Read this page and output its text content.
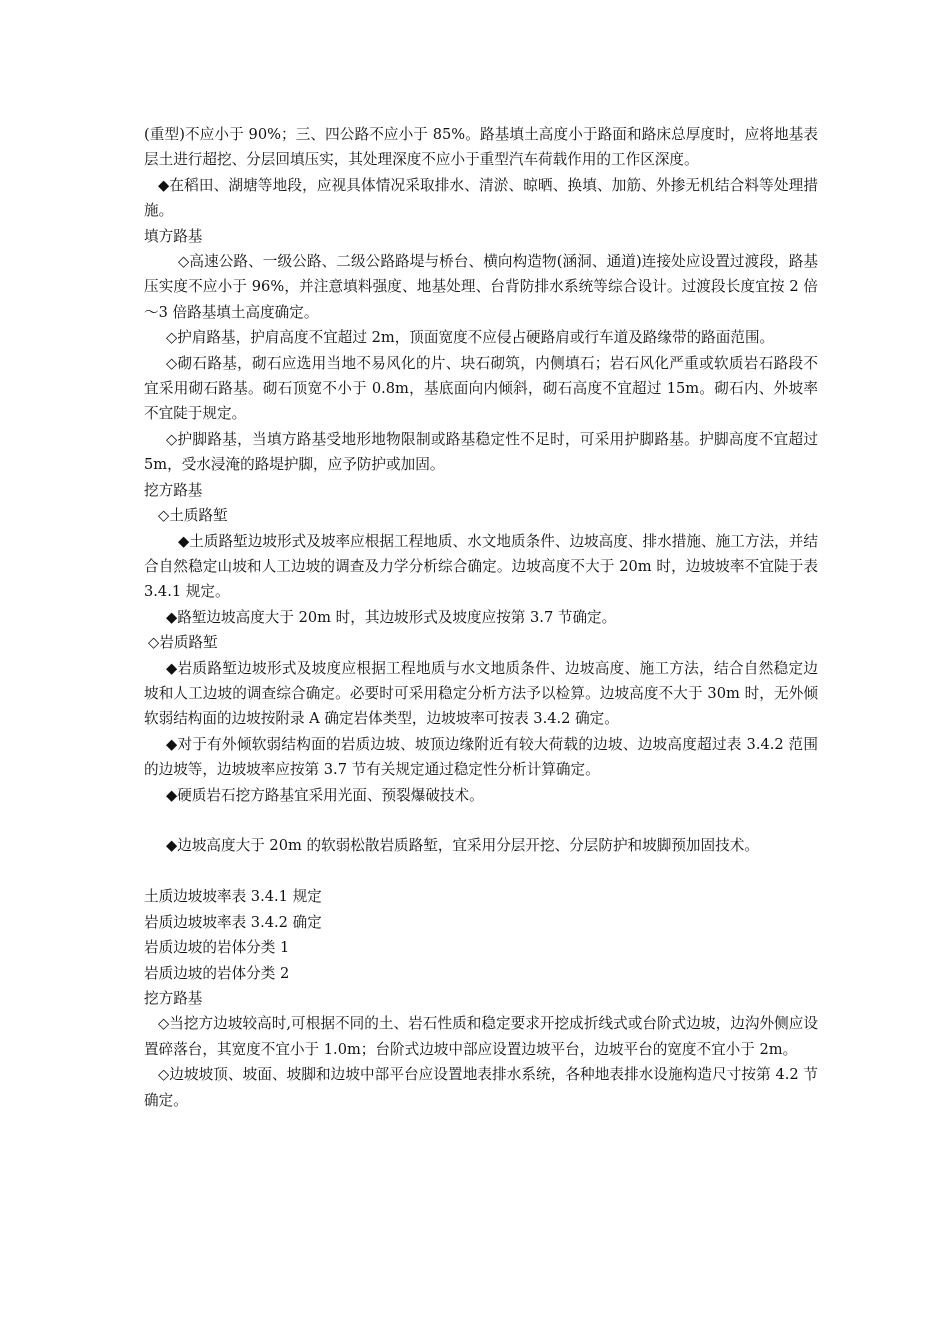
(重型)不应小于 90%；三、四公路不应小于 85%。路基填土高度小于路面和路床总厚度时，应将地基表层土进行超挖、分层回填压实，其处理深度不应小于重型汽车荷载作用的工作区深度。

◆在稻田、湖塘等地段，应视具体情况采取排水、清淤、晾晒、换填、加筋、外掺无机结合料等处理措施。

填方路基

◇高速公路、一级公路、二级公路路堤与桥台、横向构造物(涵洞、通道)连接处应设置过渡段，路基压实度不应小于 96%，并注意填料强度、地基处理、台背防排水系统等综合设计。过渡段长度宜按 2 倍～3 倍路基填土高度确定。

◇护肩路基，护肩高度不宜超过 2m，顶面宽度不应侵占硬路肩或行车道及路缘带的路面范围。

◇砌石路基，砌石应选用当地不易风化的片、块石砌筑，内侧填石；岩石风化严重或软质岩石路段不宜采用砌石路基。砌石顶宽不小于 0.8m，基底面向内倾斜，砌石高度不宜超过 15m。砌石内、外坡率不宜陡于规定。

◇护脚路基，当填方路基受地形地物限制或路基稳定性不足时，可采用护脚路基。护脚高度不宜超过 5m，受水浸淹的路堤护脚，应予防护或加固。

挖方路基

◇土质路堑

◆土质路堑边坡形式及坡率应根据工程地质、水文地质条件、边坡高度、排水措施、施工方法，并结合自然稳定山坡和人工边坡的调查及力学分析综合确定。边坡高度不大于 20m 时，边坡坡率不宜陡于表 3.4.1 规定。

◆路堑边坡高度大于 20m 时，其边坡形式及坡度应按第 3.7 节确定。

◇岩质路堑

◆岩质路堑边坡形式及坡度应根据工程地质与水文地质条件、边坡高度、施工方法，结合自然稳定边坡和人工边坡的调查综合确定。必要时可采用稳定分析方法予以检算。边坡高度不大于 30m 时，无外倾软弱结构面的边坡按附录 A 确定岩体类型，边坡坡率可按表 3.4.2 确定。

◆对于有外倾软弱结构面的岩质边坡、坡顶边缘附近有较大荷载的边坡、边坡高度超过表 3.4.2 范围的边坡等，边坡坡率应按第 3.7 节有关规定通过稳定性分析计算确定。

◆硬质岩石挖方路基宜采用光面、预裂爆破技术。

◆边坡高度大于 20m 的软弱松散岩质路堑，宜采用分层开挖、分层防护和坡脚预加固技术。

土质边坡坡率表 3.4.1 规定

岩质边坡坡率表 3.4.2 确定

岩质边坡的岩体分类 1

岩质边坡的岩体分类 2

挖方路基

◇当挖方边坡较高时,可根据不同的土、岩石性质和稳定要求开挖成折线式或台阶式边坡，边沟外侧应设置碎落台，其宽度不宜小于 1.0m；台阶式边坡中部应设置边坡平台，边坡平台的宽度不宜小于 2m。

◇边坡坡顶、坡面、坡脚和边坡中部平台应设置地表排水系统，各种地表排水设施构造尺寸按第 4.2 节确定。
